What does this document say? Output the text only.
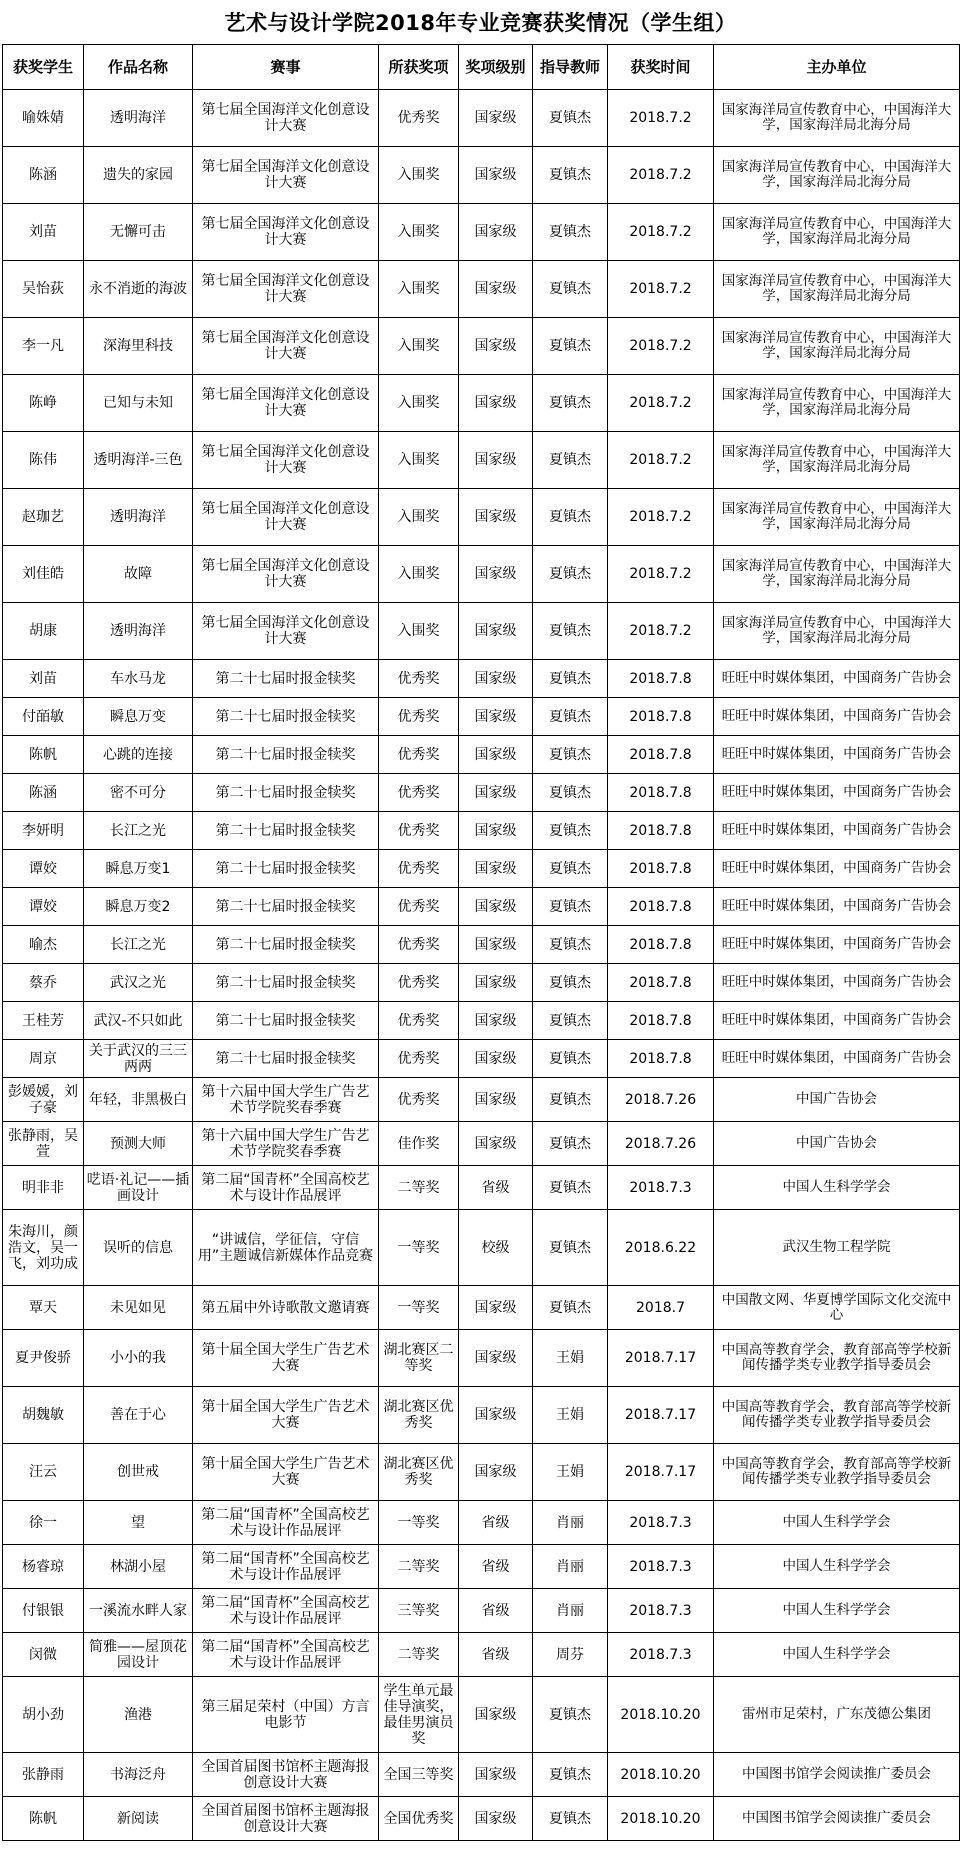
艺术与设计学院2018年专业竞赛获奖情况（学生组）
获奖学生	作品名称	赛事	所获奖项	奖项级别	指导教师	获奖时间	主办单位
喻姝婧	透明海洋	第七届全国海洋文化创意设计大赛	优秀奖	国家级	夏镇杰	2018.7.2	国家海洋局宣传教育中心，中国海洋大学，国家海洋局北海分局
陈涵	遗失的家园	第七届全国海洋文化创意设计大赛	入围奖	国家级	夏镇杰	2018.7.2	国家海洋局宣传教育中心，中国海洋大学，国家海洋局北海分局
刘苗	无懈可击	第七届全国海洋文化创意设计大赛	入围奖	国家级	夏镇杰	2018.7.2	国家海洋局宣传教育中心，中国海洋大学，国家海洋局北海分局
吴怡荻	永不消逝的海波	第七届全国海洋文化创意设计大赛	入围奖	国家级	夏镇杰	2018.7.2	国家海洋局宣传教育中心，中国海洋大学，国家海洋局北海分局
李一凡	深海里科技	第七届全国海洋文化创意设计大赛	入围奖	国家级	夏镇杰	2018.7.2	国家海洋局宣传教育中心，中国海洋大学，国家海洋局北海分局
陈峥	已知与未知	第七届全国海洋文化创意设计大赛	入围奖	国家级	夏镇杰	2018.7.2	国家海洋局宣传教育中心，中国海洋大学，国家海洋局北海分局
陈伟	透明海洋-三色	第七届全国海洋文化创意设计大赛	入围奖	国家级	夏镇杰	2018.7.2	国家海洋局宣传教育中心，中国海洋大学，国家海洋局北海分局
赵珈艺	透明海洋	第七届全国海洋文化创意设计大赛	入围奖	国家级	夏镇杰	2018.7.2	国家海洋局宣传教育中心，中国海洋大学，国家海洋局北海分局
刘佳皓	故障	第七届全国海洋文化创意设计大赛	入围奖	国家级	夏镇杰	2018.7.2	国家海洋局宣传教育中心，中国海洋大学，国家海洋局北海分局
胡康	透明海洋	第七届全国海洋文化创意设计大赛	入围奖	国家级	夏镇杰	2018.7.2	国家海洋局宣传教育中心，中国海洋大学，国家海洋局北海分局
刘苗	车水马龙	第二十七届时报金犊奖	优秀奖	国家级	夏镇杰	2018.7.8	旺旺中时媒体集团，中国商务广告协会
付皕敏	瞬息万变	第二十七届时报金犊奖	优秀奖	国家级	夏镇杰	2018.7.8	旺旺中时媒体集团，中国商务广告协会
陈帆	心跳的连接	第二十七届时报金犊奖	优秀奖	国家级	夏镇杰	2018.7.8	旺旺中时媒体集团，中国商务广告协会
陈涵	密不可分	第二十七届时报金犊奖	优秀奖	国家级	夏镇杰	2018.7.8	旺旺中时媒体集团，中国商务广告协会
李妍明	长江之光	第二十七届时报金犊奖	优秀奖	国家级	夏镇杰	2018.7.8	旺旺中时媒体集团，中国商务广告协会
谭姣	瞬息万变1	第二十七届时报金犊奖	优秀奖	国家级	夏镇杰	2018.7.8	旺旺中时媒体集团，中国商务广告协会
谭姣	瞬息万变2	第二十七届时报金犊奖	优秀奖	国家级	夏镇杰	2018.7.8	旺旺中时媒体集团，中国商务广告协会
喻杰	长江之光	第二十七届时报金犊奖	优秀奖	国家级	夏镇杰	2018.7.8	旺旺中时媒体集团，中国商务广告协会
蔡乔	武汉之光	第二十七届时报金犊奖	优秀奖	国家级	夏镇杰	2018.7.8	旺旺中时媒体集团，中国商务广告协会
王桂芳	武汉-不只如此	第二十七届时报金犊奖	优秀奖	国家级	夏镇杰	2018.7.8	旺旺中时媒体集团，中国商务广告协会
周京	关于武汉的三三两两	第二十七届时报金犊奖	优秀奖	国家级	夏镇杰	2018.7.8	旺旺中时媒体集团，中国商务广告协会
彭媛媛，刘子豪	年轻，非黑极白	第十六届中国大学生广告艺术节学院奖春季赛	优秀奖	国家级	夏镇杰	2018.7.26	中国广告协会
张静雨，吴萱	预测大师	第十六届中国大学生广告艺术节学院奖春季赛	佳作奖	国家级	夏镇杰	2018.7.26	中国广告协会
明非非	呓语·礼记——插画设计	第二届“国青杯”全国高校艺术与设计作品展评	二等奖	省级	夏镇杰	2018.7.3	中国人生科学学会
朱海川，颜浩文，吴一飞，刘功成	误听的信息	“讲诚信，学征信，守信用”主题诚信新媒体作品竞赛	一等奖	校级	夏镇杰	2018.6.22	武汉生物工程学院
覃天	未见如见	第五届中外诗歌散文邀请赛	一等奖	国家级	夏镇杰	2018.7	中国散文网、华夏博学国际文化交流中心
夏尹俊骄	小小的我	第十届全国大学生广告艺术大赛	湖北赛区二等奖	国家级	王娟	2018.7.17	中国高等教育学会，教育部高等学校新闻传播学类专业教学指导委员会
胡魏敏	善在于心	第十届全国大学生广告艺术大赛	湖北赛区优秀奖	国家级	王娟	2018.7.17	中国高等教育学会，教育部高等学校新闻传播学类专业教学指导委员会
汪云	创世戒	第十届全国大学生广告艺术大赛	湖北赛区优秀奖	国家级	王娟	2018.7.17	中国高等教育学会，教育部高等学校新闻传播学类专业教学指导委员会
徐一	望	第二届“国青杯”全国高校艺术与设计作品展评	一等奖	省级	肖丽	2018.7.3	中国人生科学学会
杨睿琼	林湖小屋	第二届“国青杯”全国高校艺术与设计作品展评	二等奖	省级	肖丽	2018.7.3	中国人生科学学会
付银银	一溪流水畔人家	第二届“国青杯”全国高校艺术与设计作品展评	三等奖	省级	肖丽	2018.7.3	中国人生科学学会
闵微	简雅——屋顶花园设计	第二届“国青杯”全国高校艺术与设计作品展评	二等奖	省级	周芬	2018.7.3	中国人生科学学会
胡小劲	渔港	第三届足荣村（中国）方言电影节	学生单元最佳导演奖，最佳男演员奖	国家级	夏镇杰	2018.10.20	雷州市足荣村，广东茂德公集团
张静雨	书海泛舟	全国首届图书馆杯主题海报创意设计大赛	全国三等奖	国家级	夏镇杰	2018.10.20	中国图书馆学会阅读推广委员会
陈帆	新阅读	全国首届图书馆杯主题海报创意设计大赛	全国优秀奖	国家级	夏镇杰	2018.10.20	中国图书馆学会阅读推广委员会
